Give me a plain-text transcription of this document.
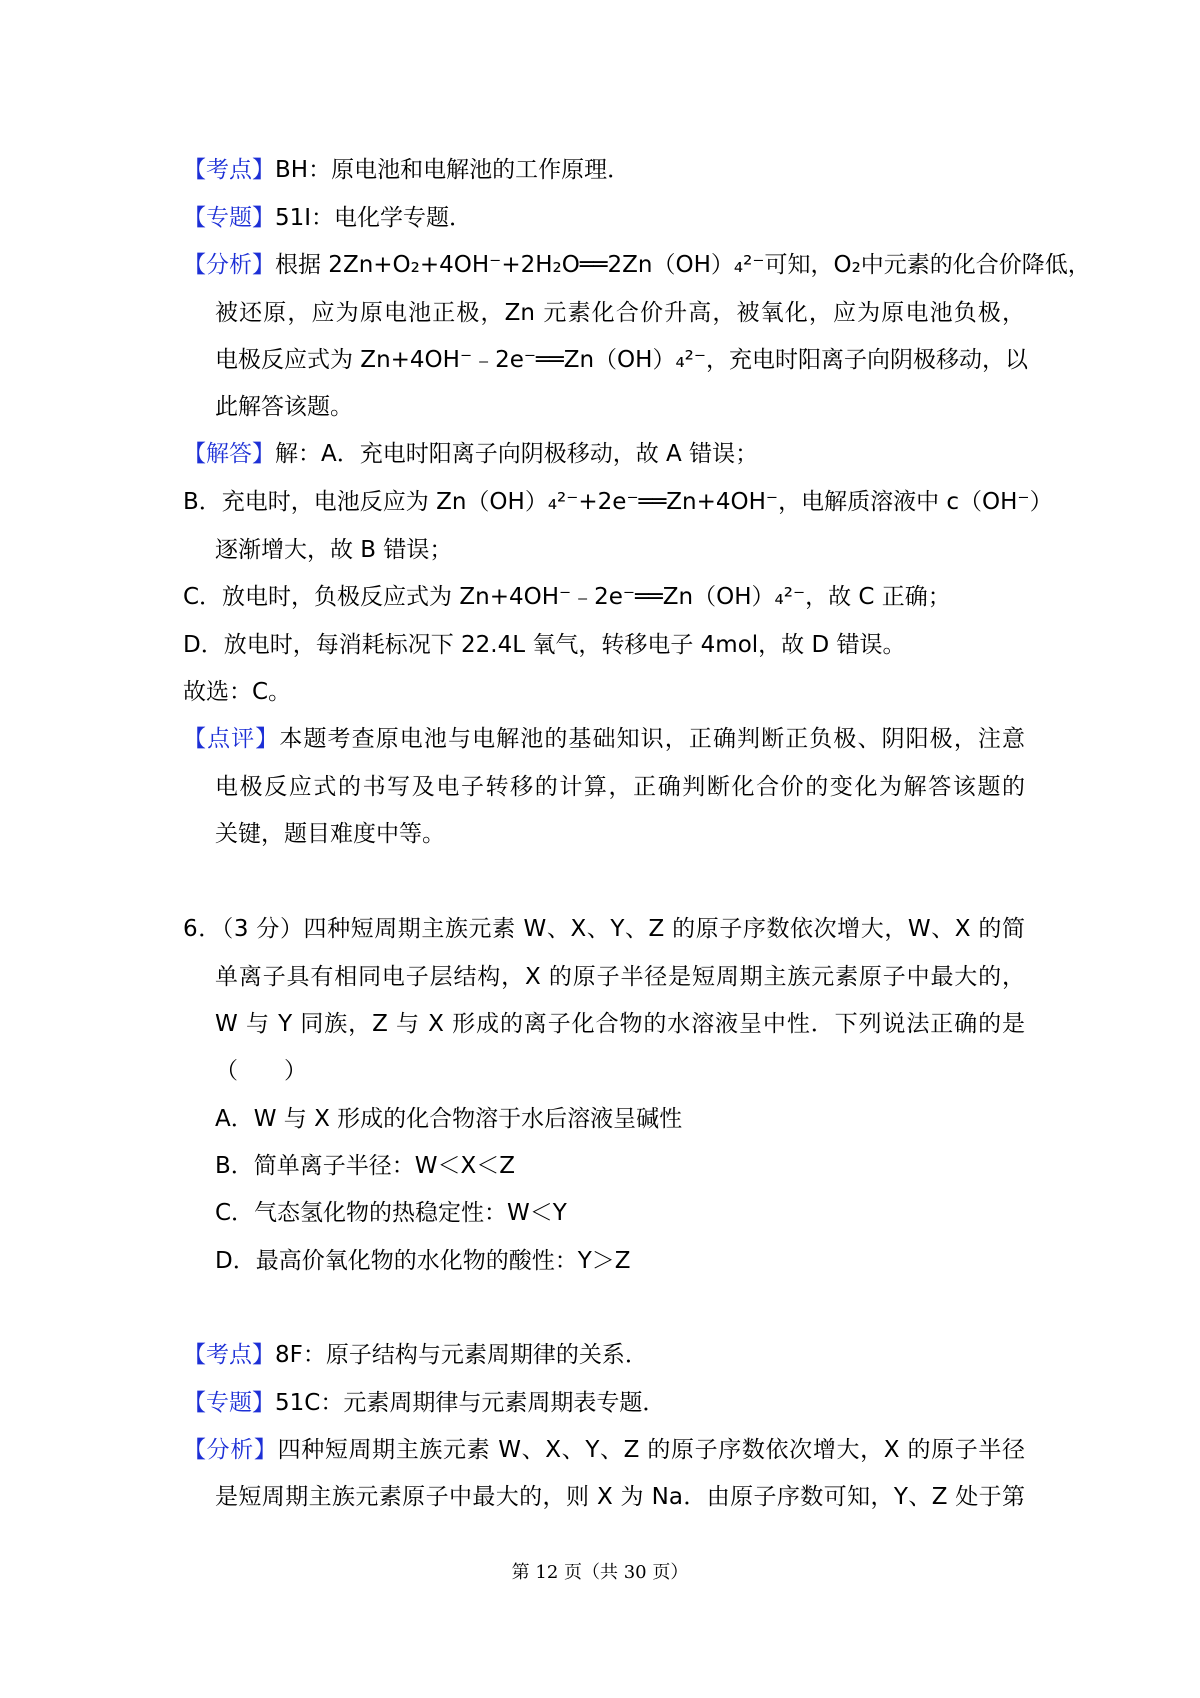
【考点】BH：原电池和电解池的工作原理．
【专题】51I：电化学专题．
【分析】根据 2Zn+O₂+4OH⁻+2H₂O══2Zn（OH）₄²⁻可知，O₂中元素的化合价降低，
被还原，应为原电池正极，Zn 元素化合价升高，被氧化，应为原电池负极，
电极反应式为 Zn+4OH⁻﹣2e⁻══Zn（OH）₄²⁻，充电时阳离子向阴极移动，以
此解答该题。
【解答】解：A．充电时阳离子向阴极移动，故 A 错误；
B．充电时，电池反应为 Zn（OH）₄²⁻+2e⁻══Zn+4OH⁻，电解质溶液中 c（OH⁻）
逐渐增大，故 B 错误；
C．放电时，负极反应式为 Zn+4OH⁻﹣2e⁻══Zn（OH）₄²⁻，故 C 正确；
D．放电时，每消耗标况下 22.4L 氧气，转移电子 4mol，故 D 错误。
故选：C。
【点评】本题考查原电池与电解池的基础知识，正确判断正负极、阴阳极，注意
电极反应式的书写及电子转移的计算，正确判断化合价的变化为解答该题的
关键，题目难度中等。
6．（3 分）四种短周期主族元素 W、X、Y、Z 的原子序数依次增大，W、X 的简
单离子具有相同电子层结构，X 的原子半径是短周期主族元素原子中最大的，
W 与 Y 同族，Z 与 X 形成的离子化合物的水溶液呈中性．下列说法正确的是
（　　）
A．W 与 X 形成的化合物溶于水后溶液呈碱性
B．简单离子半径：W＜X＜Z
C．气态氢化物的热稳定性：W＜Y
D．最高价氧化物的水化物的酸性：Y＞Z
【考点】8F：原子结构与元素周期律的关系．
【专题】51C：元素周期律与元素周期表专题．
【分析】四种短周期主族元素 W、X、Y、Z 的原子序数依次增大，X 的原子半径
是短周期主族元素原子中最大的，则 X 为 Na．由原子序数可知，Y、Z 处于第
第 12 页（共 30 页）
